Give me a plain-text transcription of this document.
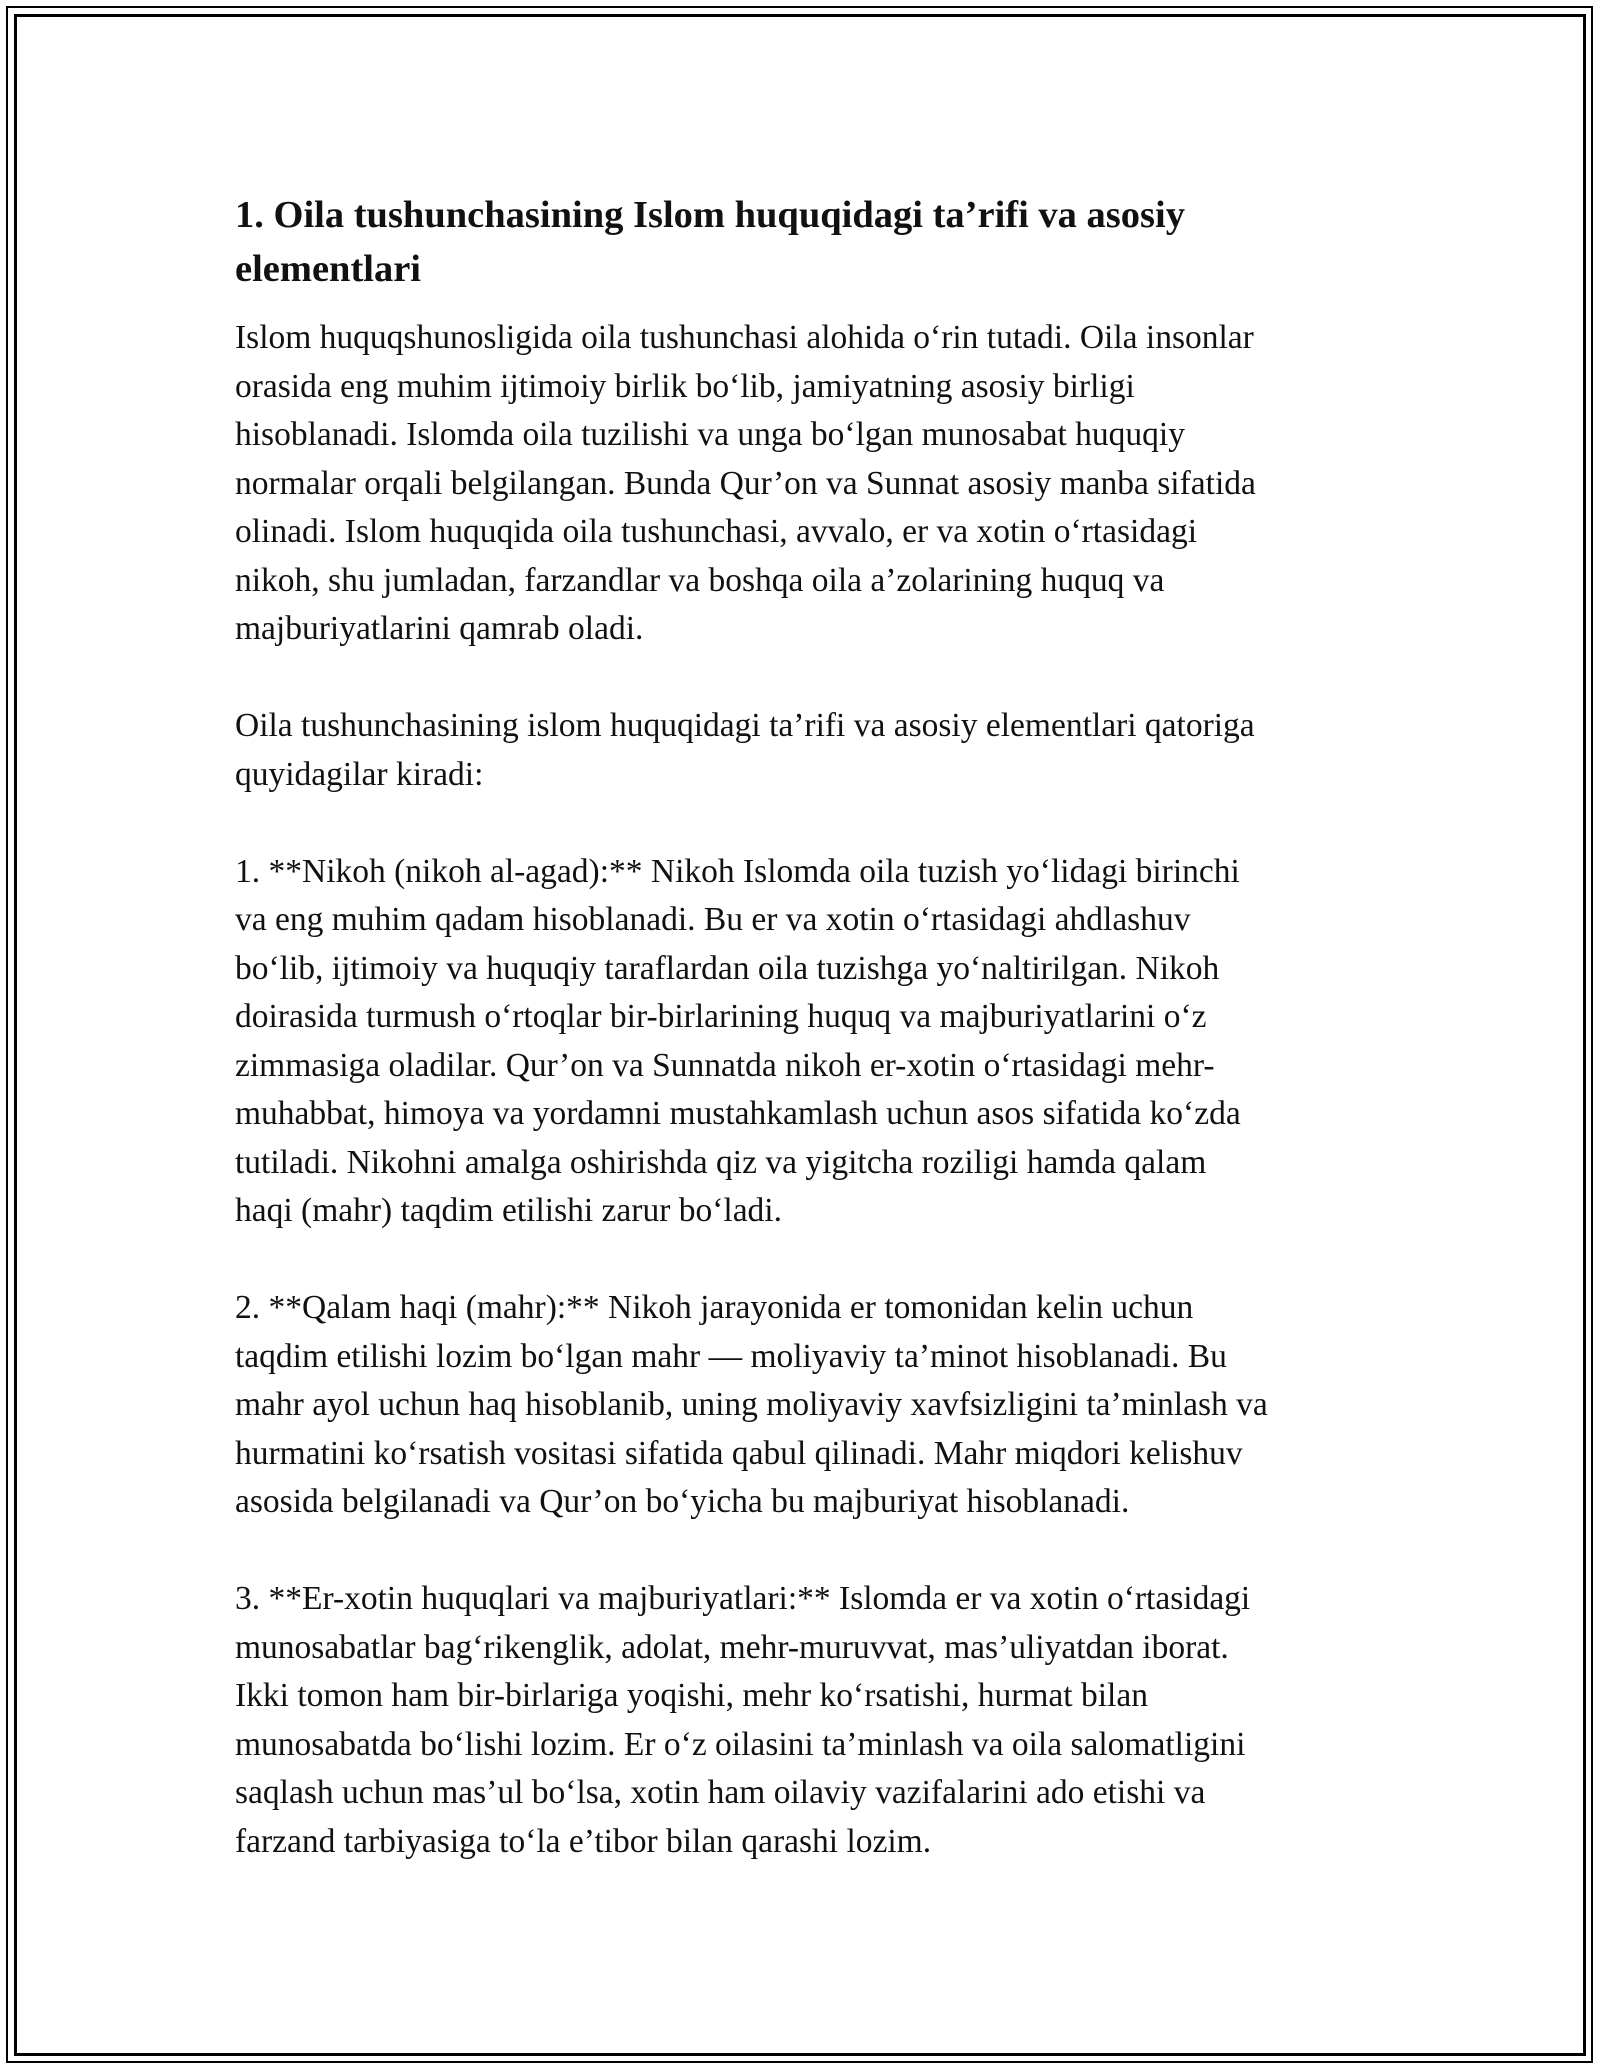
1. Oila tushunchasining Islom huquqidagi ta’rifi va asosiy
elementlari

Islom huquqshunosligida oila tushunchasi alohida o‘rin tutadi. Oila insonlar
orasida eng muhim ijtimoiy birlik bo‘lib, jamiyatning asosiy birligi
hisoblanadi. Islomda oila tuzilishi va unga bo‘lgan munosabat huquqiy
normalar orqali belgilangan. Bunda Qur’on va Sunnat asosiy manba sifatida
olinadi. Islom huquqida oila tushunchasi, avvalo, er va xotin o‘rtasidagi
nikoh, shu jumladan, farzandlar va boshqa oila a’zolarining huquq va
majburiyatlarini qamrab oladi.

Oila tushunchasining islom huquqidagi ta’rifi va asosiy elementlari qatoriga
quyidagilar kiradi:

1. **Nikoh (nikoh al-agad):** Nikoh Islomda oila tuzish yo‘lidagi birinchi
va eng muhim qadam hisoblanadi. Bu er va xotin o‘rtasidagi ahdlashuv
bo‘lib, ijtimoiy va huquqiy taraflardan oila tuzishga yo‘naltirilgan. Nikoh
doirasida turmush o‘rtoqlar bir-birlarining huquq va majburiyatlarini o‘z
zimmasiga oladilar. Qur’on va Sunnatda nikoh er-xotin o‘rtasidagi mehr-
muhabbat, himoya va yordamni mustahkamlash uchun asos sifatida ko‘zda
tutiladi. Nikohni amalga oshirishda qiz va yigitcha roziligi hamda qalam
haqi (mahr) taqdim etilishi zarur bo‘ladi.

2. **Qalam haqi (mahr):** Nikoh jarayonida er tomonidan kelin uchun
taqdim etilishi lozim bo‘lgan mahr — moliyaviy ta’minot hisoblanadi. Bu
mahr ayol uchun haq hisoblanib, uning moliyaviy xavfsizligini ta’minlash va
hurmatini ko‘rsatish vositasi sifatida qabul qilinadi. Mahr miqdori kelishuv
asosida belgilanadi va Qur’on bo‘yicha bu majburiyat hisoblanadi.

3. **Er-xotin huquqlari va majburiyatlari:** Islomda er va xotin o‘rtasidagi
munosabatlar bag‘rikenglik, adolat, mehr-muruvvat, mas’uliyatdan iborat.
Ikki tomon ham bir-birlariga yoqishi, mehr ko‘rsatishi, hurmat bilan
munosabatda bo‘lishi lozim. Er o‘z oilasini ta’minlash va oila salomatligini
saqlash uchun mas’ul bo‘lsa, xotin ham oilaviy vazifalarini ado etishi va
farzand tarbiyasiga to‘la e’tibor bilan qarashi lozim.
